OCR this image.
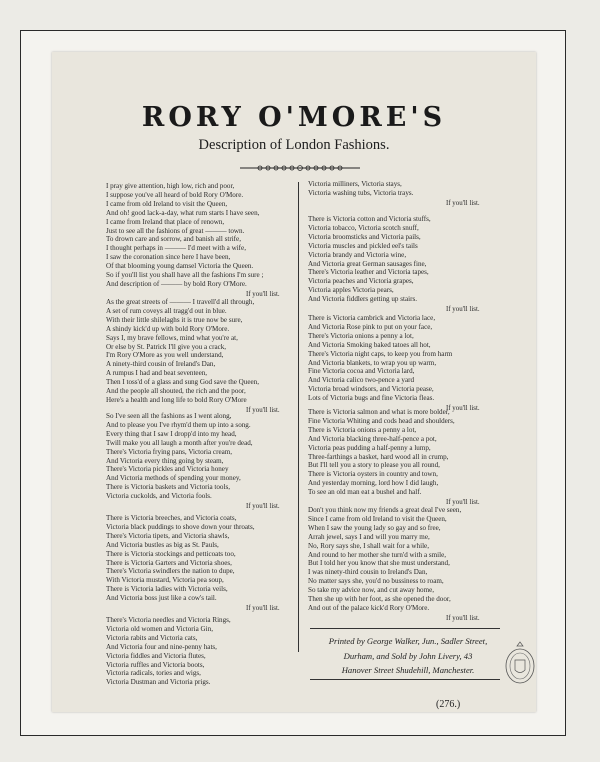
RORY O'MORE'S
Description of London Fashions.
I pray give attention, high low, rich and poor,
I suppose you've all heard of bold Rory O'More.
I came from old Ireland to visit the Queen,
And oh! good lack-a-day, what rum starts I have seen,
I came from Ireland that place of renown,
Just to see all the fashions of great ——— town.
To drown care and sorrow, and banish all strife,
I thought perhaps in ——— I'd meet with a wife,
I saw the coronation since here I have been,
Of that blooming young damsel Victoria the Queen.
So if you'll list you shall have all the fashions I'm sure ;
And description of ——— by bold Rory O'More.
If you'll list.
As the great streets of ——— I travell'd all through,
A set of rum coveys all tragg'd out in blue.
With their little shilelaghs it is true now be sure,
A shindy kick'd up with bold Rory O'More.
Says I, my brave fellows, mind what you're at,
Or else by St. Patrick I'll give you a crack,
I'm Rory O'More as you well understand,
A ninety-third cousin of Ireland's Dan,
A rumpus I had and beat seventeen,
Then I toss'd of a glass and sung God save the Queen,
And the people all shouted, the rich and the poor,
Here's a health and long life to bold Rory O'More
If you'll list.
So I've seen all the fashions as I went along,
And to please you I've rhym'd them up into a song.
Every thing that I saw I dropp'd into my head,
Twill make you all laugh a month after you're dead,
There's Victoria frying pans, Victoria cream,
And Victoria every thing going by steam,
There's Victoria pickles and Victoria honey
And Victoria methods of spending your money,
There is Victoria baskets and Victoria tools,
Victoria cuckolds, and Victoria fools.
If you'll list.
There is Victoria breeches, and Victoria coats,
Victoria black puddings to shove down your throats,
There's Victoria tipets, and Victoria shawls,
And Victoria bustles as big as St. Pauls,
There is Victoria stockings and petticoats too,
There is Victoria Garters and Victoria shoes,
There's Victoria swindlers the nation to dupe,
With Victoria mustard, Victoria pea soup,
There is Victoria ladies with Victoria veils,
And Victoria boss just like a cow's tail.
If you'll list.
There's Victoria needles and Victoria Rings,
Victoria old women and Victoria Gin,
Victoria rabits and Victoria cats,
And Victoria four and nine-penny hats,
Victoria fiddles and Victoria flutes,
Victoria ruffles and Victoria boots,
Victoria radicals, tories and wigs,
Victoria Dustman and Victoria prigs.
Victoria milliners, Victoria stays,
Victoria washing tubs, Victoria trays.
If you'll list.
There is Victoria cotton and Victoria stuffs,
Victoria tobacco, Victoria scotch snuff,
Victoria broomsticks and Victoria pails,
Victoria muscles and pickled eel's tails
Victoria brandy and Victoria wine,
And Victoria great German sausages fine,
There's Victoria leather and Victoria tapes,
Victoria peaches and Victoria grapes,
Victoria apples Victoria pears,
And Victoria fiddlers getting up stairs.
If you'll list.
There is Victoria cambrick and Victoria lace,
And Victoria Rose pink to put on your face,
There's Victoria onions a penny a lot,
And Victoria Smoking baked tatoes all hot,
There's Victoria night caps, to keep you from harm
And Victoria blankets, to wrap you up warm,
Fine Victoria cocoa and Victoria lard,
And Victoria calico two-pence a yard
Victoria broad windsors, and Victoria pease,
Lots of Victoria bugs and fine Victoria fleas.
If you'll list.
There is Victoria salmon and what is more bolder,
Fine Victoria Whiting and cods head and shoulders,
There is Victoria onions a penny a lot,
And Victoria blacking three-half-pence a pot,
Victoria peas pudding a half-penny a lump,
Three-farthings a basket, hard wood all in crump,
But I'll tell you a story to please you all round,
There is Victoria oysters in country and town,
And yesterday morning, lord how I did laugh,
To see an old man eat a bushel and half.
If you'll list.
Don't you think now my friends a great deal I've seen,
Since I came from old Ireland to visit the Queen,
When I saw the young lady so gay and so free,
Arrah jewel, says I and will you marry me,
No, Rory says she, I shall wait for a while,
And round to her mother she turn'd with a smile,
But I told her you know that she must understand,
I was ninety-third cousin to Ireland's Dan,
No matter says she, you'd no bussiness to roam,
So take my advice now, and cut away home,
Then she up with her foot, as she opened the door,
And out of the palace kick'd Rory O'More.
If you'll list.
Printed by George Walker, Jun., Sadler Street,
Durham, and Sold by John Livery, 43
Hanover Street Shudehill, Manchester.
(276.)
